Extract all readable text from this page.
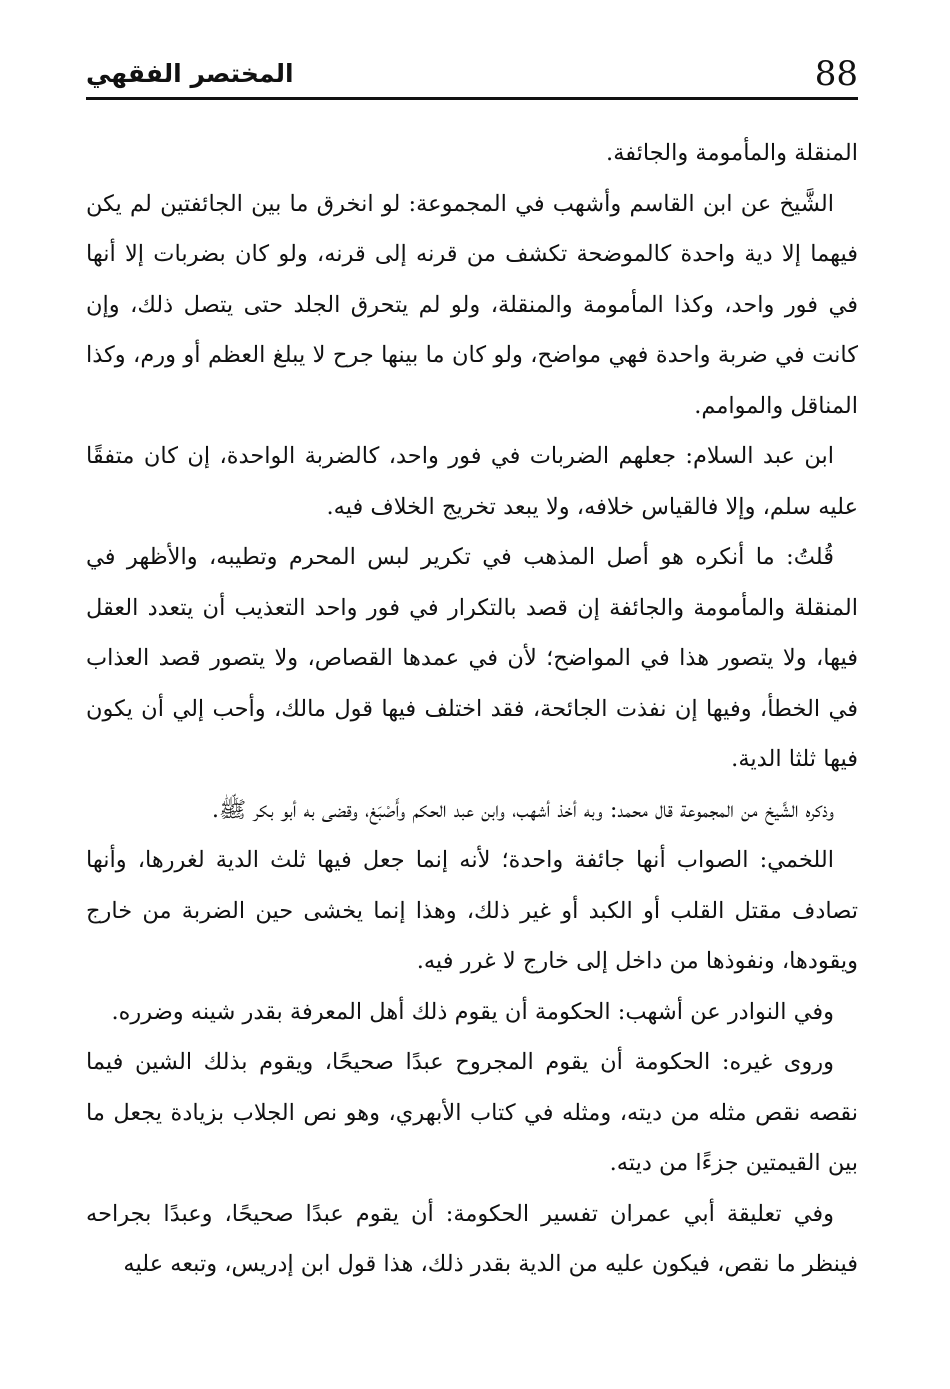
88
المختصر الفقهي

المنقلة والمأمومة والجائفة.

الشَّيخ عن ابن القاسم وأشهب في المجموعة: لو انخرق ما بين الجائفتين لم يكن فيهما إلا دية واحدة كالموضحة تكشف من قرنه إلى قرنه، ولو كان بضربات إلا أنها في فور واحد، وكذا المأمومة والمنقلة، ولو لم يتحرق الجلد حتى يتصل ذلك، وإن كانت في ضربة واحدة فهي مواضح، ولو كان ما بينها جرح لا يبلغ العظم أو ورم، وكذا المناقل والموامم.

ابن عبد السلام: جعلهم الضربات في فور واحد، كالضربة الواحدة، إن كان متفقًا عليه سلم، وإلا فالقياس خلافه، ولا يبعد تخريج الخلاف فيه.

قُلتُ: ما أنكره هو أصل المذهب في تكرير لبس المحرم وتطيبه، والأظهر في المنقلة والمأمومة والجائفة إن قصد بالتكرار في فور واحد التعذيب أن يتعدد العقل فيها، ولا يتصور هذا في المواضح؛ لأن في عمدها القصاص، ولا يتصور قصد العذاب في الخطأ، وفيها إن نفذت الجائحة، فقد اختلف فيها قول مالك، وأحب إلي أن يكون فيها ثلثا الدية.

وذكره الشَّيخ من المجموعة قال محمد: وبه أخذ أشهب، وابن عبد الحكم وأَصْبَغ، وقضى به أبو بكر ﷺ.

اللخمي: الصواب أنها جائفة واحدة؛ لأنه إنما جعل فيها ثلث الدية لغررها، وأنها تصادف مقتل القلب أو الكبد أو غير ذلك، وهذا إنما يخشى حين الضربة من خارج ويقودها، ونفوذها من داخل إلى خارج لا غرر فيه.

وفي النوادر عن أشهب: الحكومة أن يقوم ذلك أهل المعرفة بقدر شينه وضرره.

وروى غيره: الحكومة أن يقوم المجروح عبدًا صحيحًا، ويقوم بذلك الشين فيما نقصه نقص مثله من ديته، ومثله في كتاب الأبهري، وهو نص الجلاب بزيادة يجعل ما بين القيمتين جزءًا من ديته.

وفي تعليقة أبي عمران تفسير الحكومة: أن يقوم عبدًا صحيحًا، وعبدًا بجراحه فينظر ما نقص، فيكون عليه من الدية بقدر ذلك، هذا قول ابن إدريس، وتبعه عليه
